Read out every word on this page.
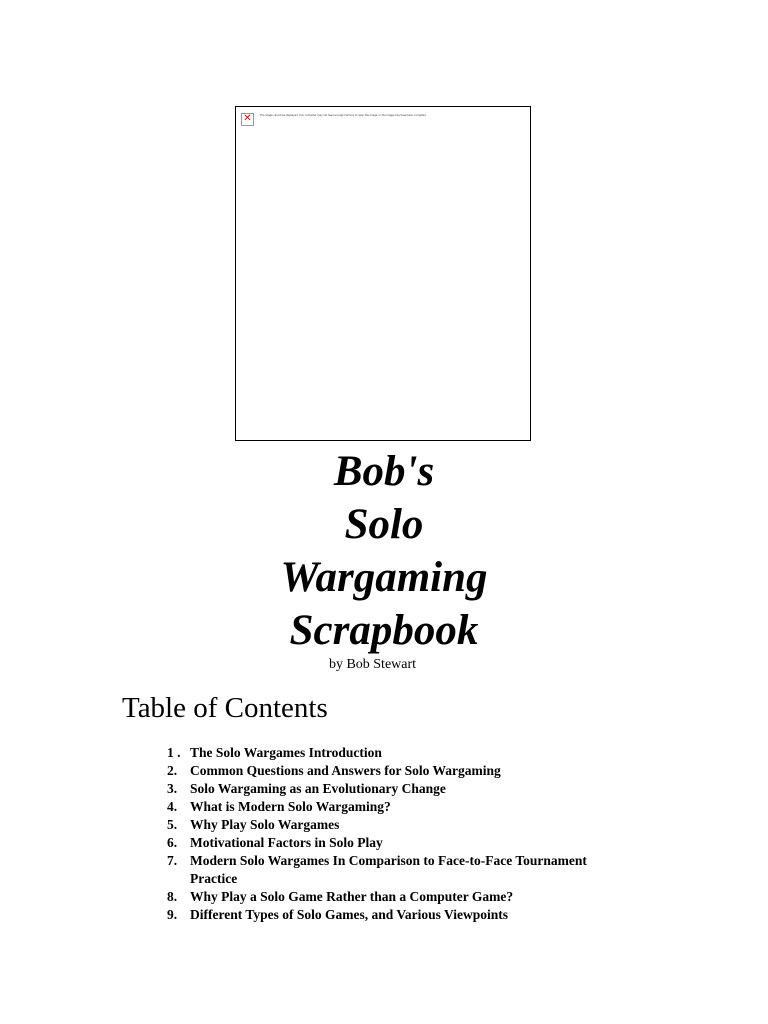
✕	The image cannot be displayed. Your computer may not have enough memory to open the image, or the image may have been corrupted.
Bob's
Solo
Wargaming
Scrapbook
by Bob Stewart
Table of Contents
1 . The Solo Wargames Introduction
2. Common Questions and Answers for Solo Wargaming
3. Solo Wargaming as an Evolutionary Change
4. What is Modern Solo Wargaming?
5. Why Play Solo Wargames
6. Motivational Factors in Solo Play
7. Modern Solo Wargames In Comparison to Face-to-Face Tournament Practice
8. Why Play a Solo Game Rather than a Computer Game?
9. Different Types of Solo Games, and Various Viewpoints
